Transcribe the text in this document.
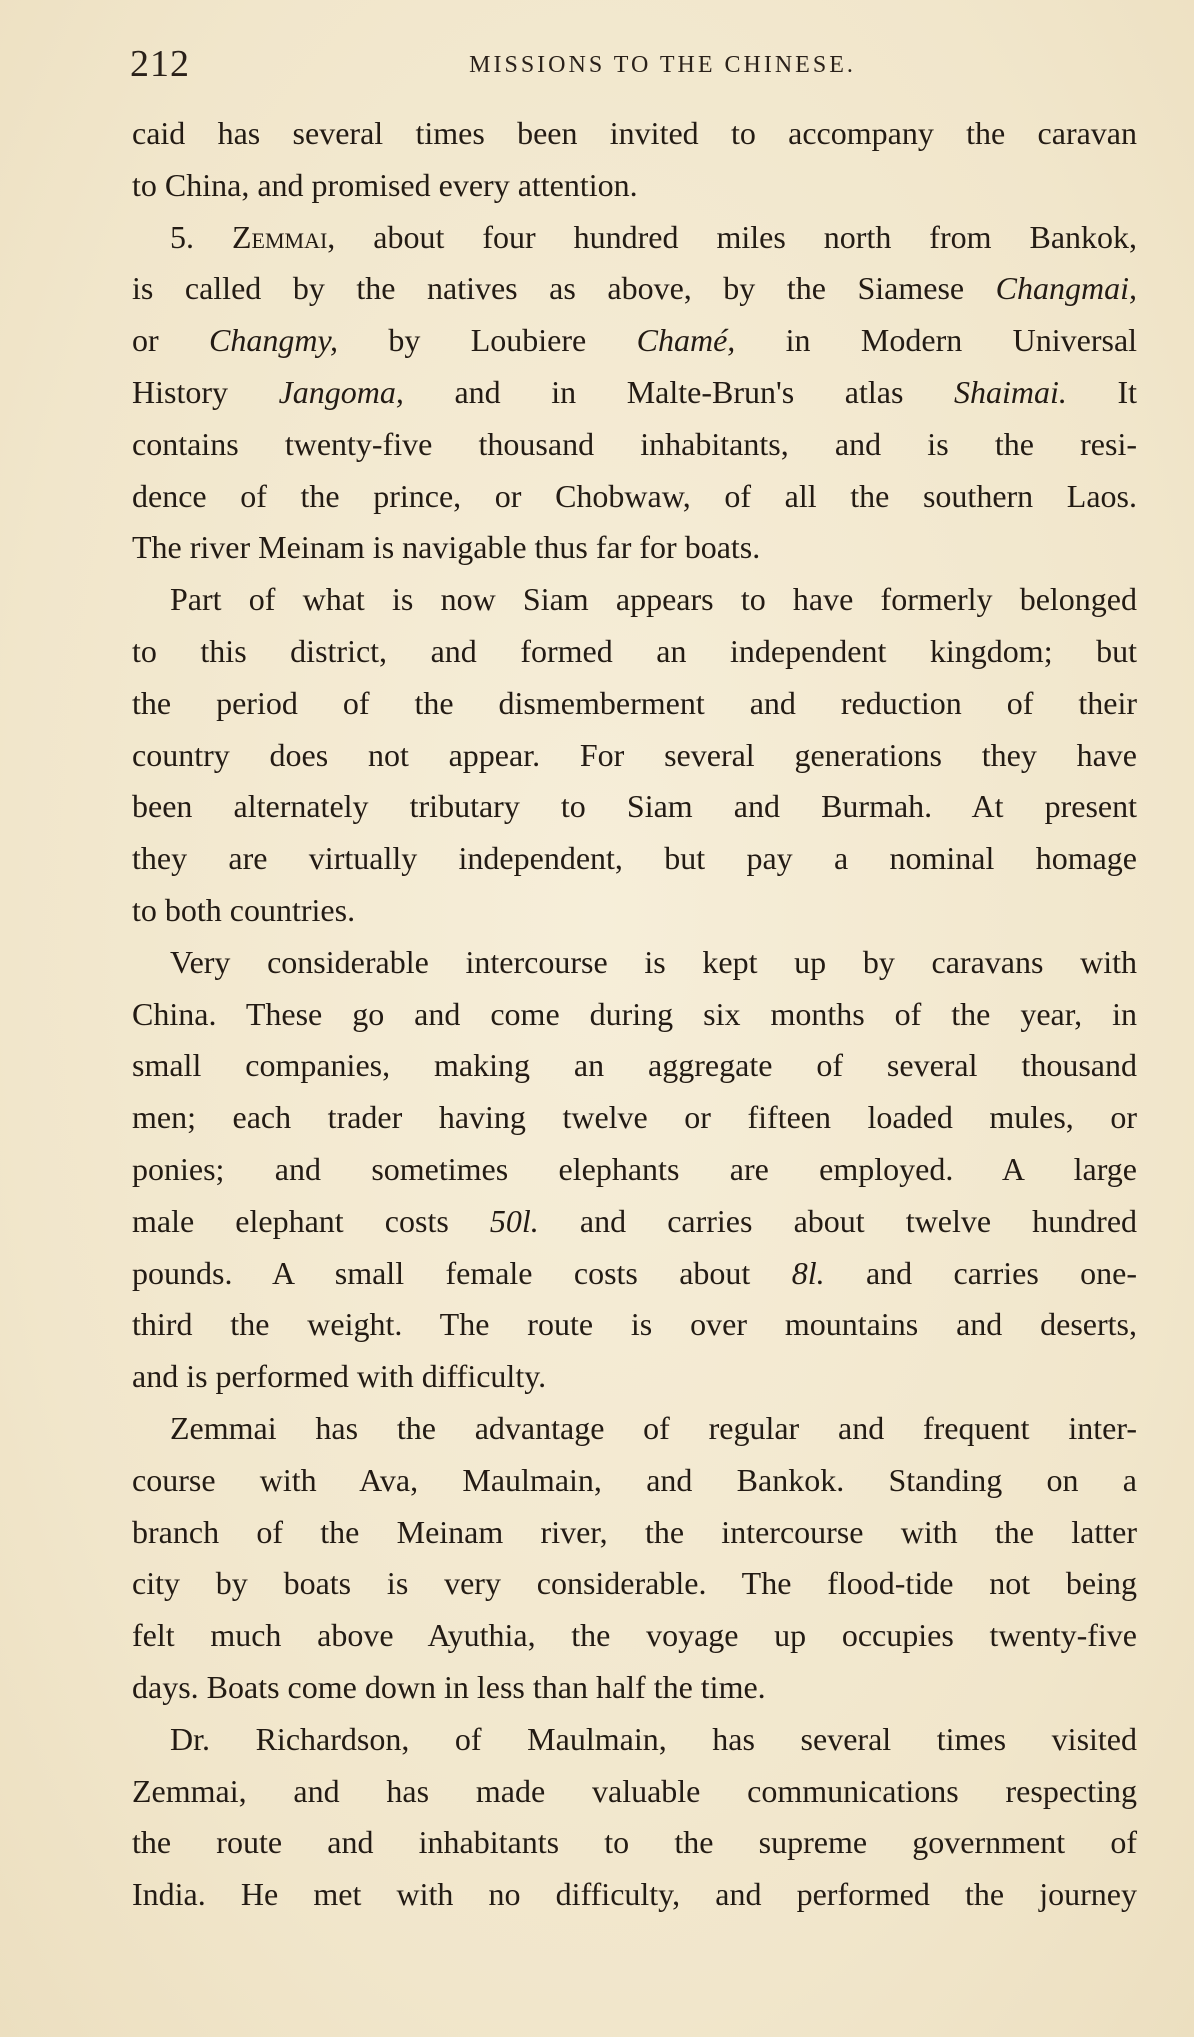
212	MISSIONS TO THE CHINESE.
caid has several times been invited to accompany the caravan
to China, and promised every attention.
5. Zemmai, about four hundred miles north from Bankok,
is called by the natives as above, by the Siamese Changmai,
or Changmy, by Loubiere Chamé, in Modern Universal
History Jangoma, and in Malte-Brun's atlas Shaimai. It
contains twenty-five thousand inhabitants, and is the resi-
dence of the prince, or Chobwaw, of all the southern Laos.
The river Meinam is navigable thus far for boats.
Part of what is now Siam appears to have formerly belonged
to this district, and formed an independent kingdom; but
the period of the dismemberment and reduction of their
country does not appear. For several generations they have
been alternately tributary to Siam and Burmah. At present
they are virtually independent, but pay a nominal homage
to both countries.
Very considerable intercourse is kept up by caravans with
China. These go and come during six months of the year, in
small companies, making an aggregate of several thousand
men; each trader having twelve or fifteen loaded mules, or
ponies; and sometimes elephants are employed. A large
male elephant costs 50l. and carries about twelve hundred
pounds. A small female costs about 8l. and carries one-
third the weight. The route is over mountains and deserts,
and is performed with difficulty.
Zemmai has the advantage of regular and frequent inter-
course with Ava, Maulmain, and Bankok. Standing on a
branch of the Meinam river, the intercourse with the latter
city by boats is very considerable. The flood-tide not being
felt much above Ayuthia, the voyage up occupies twenty-five
days. Boats come down in less than half the time.
Dr. Richardson, of Maulmain, has several times visited
Zemmai, and has made valuable communications respecting
the route and inhabitants to the supreme government of
India. He met with no difficulty, and performed the journey
